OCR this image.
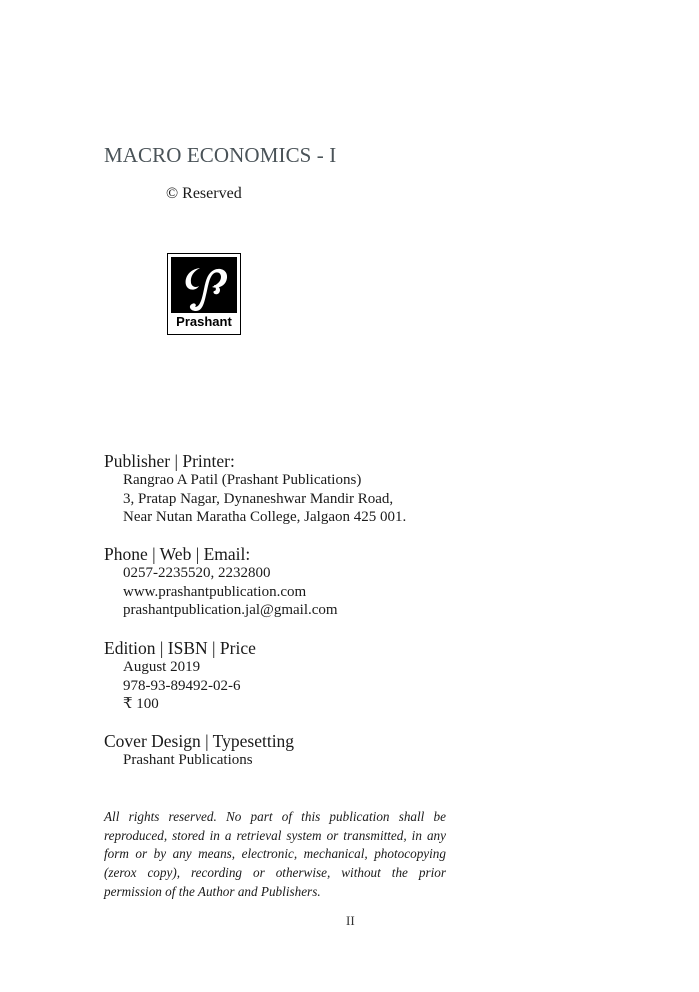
MACRO ECONOMICS - I
© Reserved
Prashant
Publisher | Printer:
Rangrao A Patil (Prashant Publications)
3, Pratap Nagar, Dynaneshwar Mandir Road,
Near Nutan Maratha College, Jalgaon 425 001.
Phone | Web | Email:
0257-2235520, 2232800
www.prashantpublication.com
prashantpublication.jal@gmail.com
Edition | ISBN | Price
August 2019
978-93-89492-02-6
₹ 100
Cover Design | Typesetting
Prashant Publications
All rights reserved. No part of this publication shall be reproduced, stored in a retrieval system or transmitted, in any form or by any means, electronic, mechanical, photocopying (zerox copy), recording or otherwise, without the prior permission of the Author and Publishers.
II
